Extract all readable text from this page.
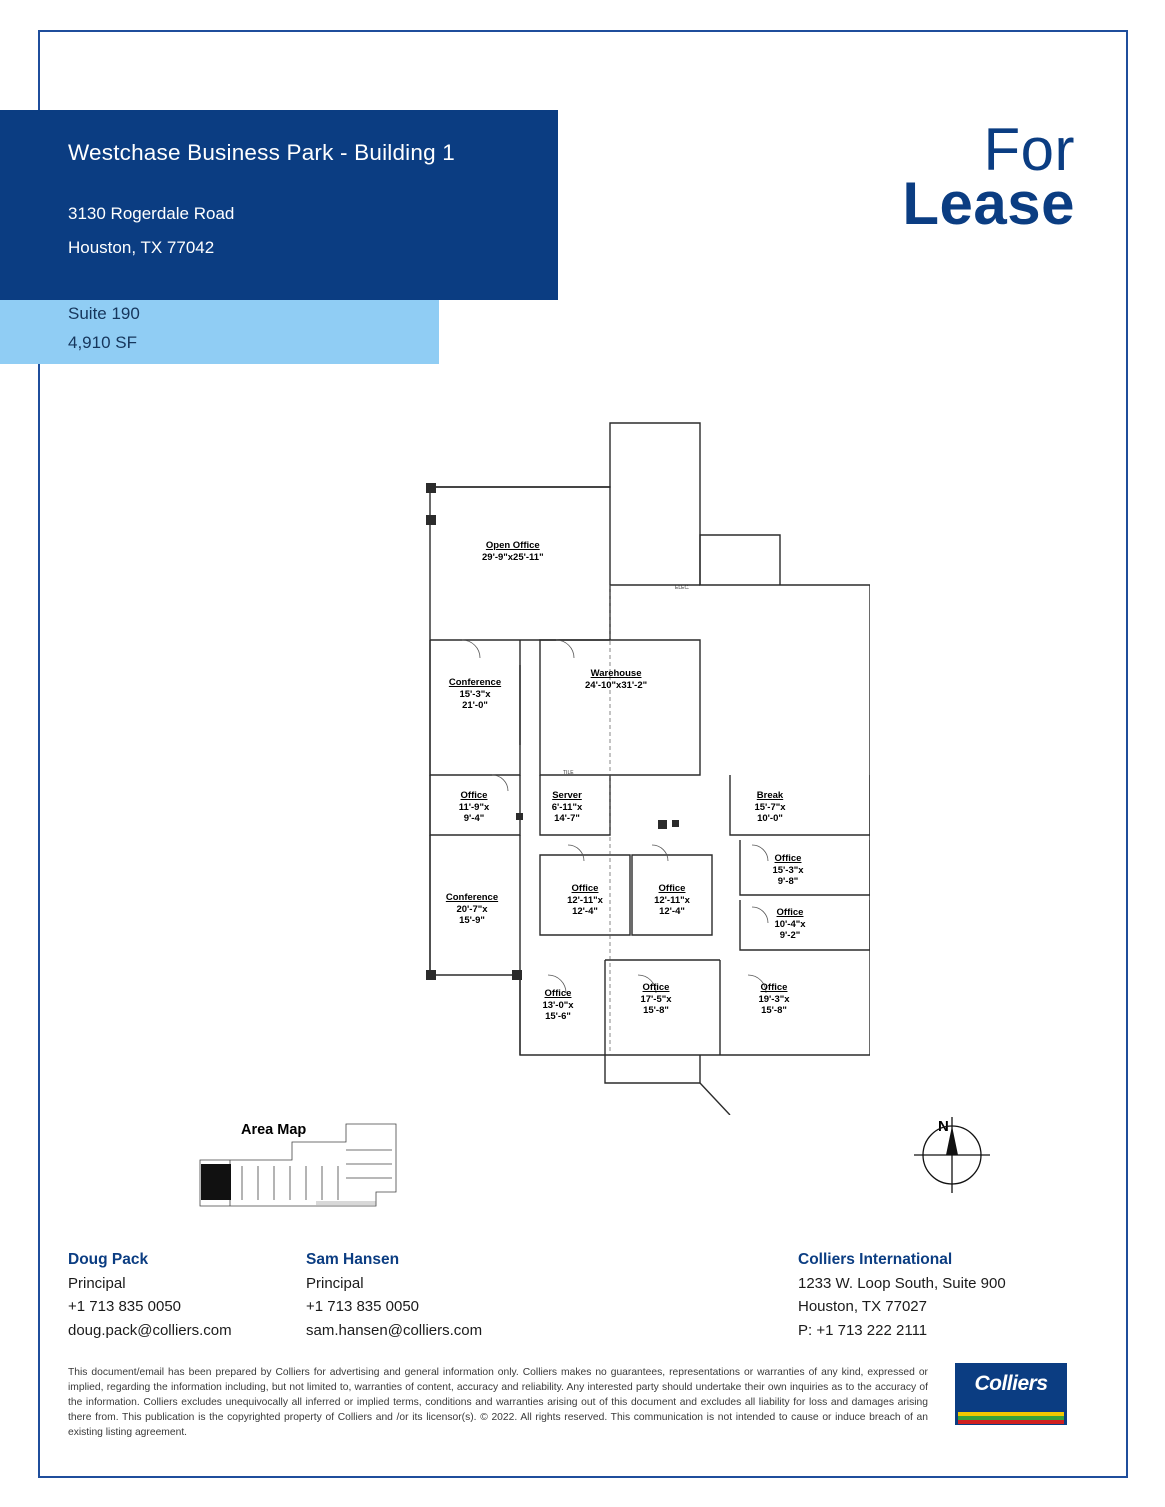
Westchase Business Park - Building 1
3130 Rogerdale Road
Houston, TX 77042
Suite 190
4,910 SF
For
Lease
Open Office
29'-9"x25'-11"
Conference
15'-3"x
21'-0"
Warehouse
24'-10"x31'-2"
Office
11'-9"x
9'-4"
Server
6'-11"x
14'-7"
Break
15'-7"x
10'-0"
Office
15'-3"x
9'-8"
Conference
20'-7"x
15'-9"
Office
12'-11"x
12'-4"
Office
12'-11"x
12'-4"	Office
10'-4"x
9'-2"
Office
13'-0"x
15'-6"
Office
17'-5"x
15'-8"
Office
19'-3"x
15'-8"
ELEC.
TILE
Area Map	N
Doug Pack
Principal
+1 713 835 0050
doug.pack@colliers.com
Sam Hansen
Principal
+1 713 835 0050
sam.hansen@colliers.com
Colliers International
1233 W. Loop South, Suite 900
Houston, TX 77027
P: +1 713 222 2111
This document/email has been prepared by Colliers for advertising and general information only. Colliers makes no guarantees, representations or warranties of any kind, expressed or implied, regarding the information including, but not limited to, warranties of content, accuracy and reliability. Any interested party should undertake their own inquiries as to the accuracy of the information. Colliers excludes unequivocally all inferred or implied terms, conditions and warranties arising out of this document and excludes all liability for loss and damages arising there from. This publication is the copyrighted property of Colliers and /or its licensor(s). © 2022. All rights reserved. This communication is not intended to cause or induce breach of an existing listing agreement.
Colliers
